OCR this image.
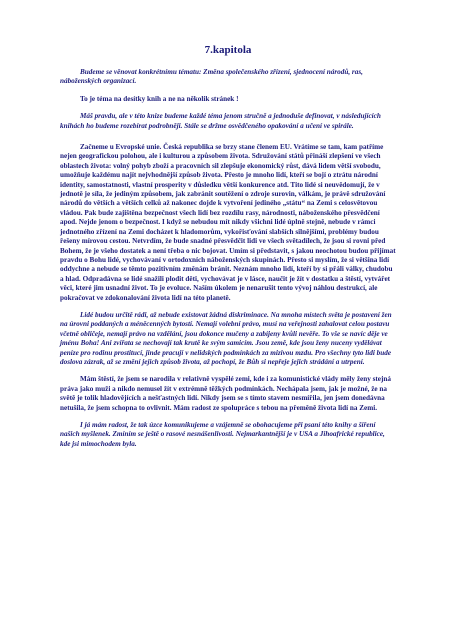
7.kapitola

Budeme se věnovat konkrétnímu tématu: Změna společenského zřízení, sjednocení národů, ras, náboženských organizací.

To je téma na desítky knih a ne na několik stránek !

Máš pravdu, ale v této knize budeme každé téma jenom stručně a jednoduše definovat, v následujících knihách ho budeme rozebírat podrobněji. Stále se držme osvědčeného opakování a učení ve spirále.

Začneme u Evropské unie. Česká republika se brzy stane členem EU. Vrátíme se tam, kam patříme nejen geografickou polohou, ale i kulturou a způsobem života. Sdružování států přináší zlepšení ve všech oblastech života: volný pohyb zboží a pracovních sil zlepšuje ekonomický růst, dává lidem větší svobodu, umožňuje každému najít nejvhodnější způsob života. Přesto je mnoho lidí, kteří se bojí o ztrátu národní identity, samostatnosti, vlastní prosperity v důsledku větší konkurence atd. Tito lidé si neuvědomují, že v jednotě je síla, že jediným způsobem, jak zabránit soutěžení o zdroje surovin, válkám, je právě sdružování národů do větších a větších celků až nakonec dojde k vytvoření jediného „státu“ na Zemi s celosvětovou vládou. Pak bude zajištěna bezpečnost všech lidí bez rozdílu rasy, národnosti, náboženského přesvědčení apod. Nejde jenom o bezpečnost. I když se nebudou mít nikdy všichni lidé úplně stejně, nebude v rámci jednotného zřízení na Zemi docházet k hladomorům, vykořisťování slabších silnějšími, problémy budou řešeny mírovou cestou. Netvrdím, že bude snadné přesvědčit lidi ve všech světadílech, že jsou si rovni před Bohem, že je všeho dostatek a není třeba o nic bojovat. Umím si představit, s jakou neochotou budou přijímat pravdu o Bohu lidé, vychovávaní v ortodoxních náboženských skupinách. Přesto si myslím, že si většina lidí oddychne a nebude se těmto pozitivním změnám bránit. Neznám mnoho lidí, kteří by si přáli války, chudobu a hlad. Odpradávna se lidé snažili plodit děti, vychovávat je v lásce, naučit je žít v dostatku a štěstí, vytvářet věci, které jim usnadní život. To je evoluce. Naším úkolem je nenarušit tento vývoj náhlou destrukcí, ale pokračovat ve zdokonalování života lidí na této planetě.

Lidé budou určitě rádi, až nebude existovat žádná diskriminace. Na mnoha místech světa je postavení žen na úrovni poddaných a méněcenných bytostí. Nemají volební právo, musí na veřejnosti zahalovat celou postavu včetně obličeje, nemají právo na vzdělání, jsou dokonce mučeny a zabíjeny kvůli nevěře. To vše se navíc děje ve jménu Boha! Ani zvířata se nechovají tak krutě ke svým samicím. Jsou země, kde jsou ženy nuceny vydělávat peníze pro rodinu prostitucí, jinde pracují v nelidských podmínkách za mizivou mzdu. Pro všechny tyto lidi bude doslova zázrak, až se změní jejich způsob života, až pochopí, že Bůh si nepřeje jejich strádání a utrpení.

Mám štěstí, že jsem se narodila v relativně vyspělé zemi, kde i za komunistické vlády měly ženy stejná práva jako muži a nikdo nemusel žít v extrémně těžkých podmínkách. Nechápala jsem, jak je možné, že na světě je tolik hladovějících a nešťastných lidí. Nikdy jsem se s tímto stavem nesmířila, jen jsem donedávna netušila, že jsem schopna to ovlivnit. Mám radost ze spolupráce s tebou na přeměně života lidí na Zemi.

I já mám radost, že tak úzce komunikujeme a vzájemně se obohacujeme při psaní této knihy a šíření našich myšlenek. Zmíním se ještě o rasové nesnášenlivosti. Nejmarkantnější je v USA a Jihoafrické republice, kde jsi mimochodem byla.
